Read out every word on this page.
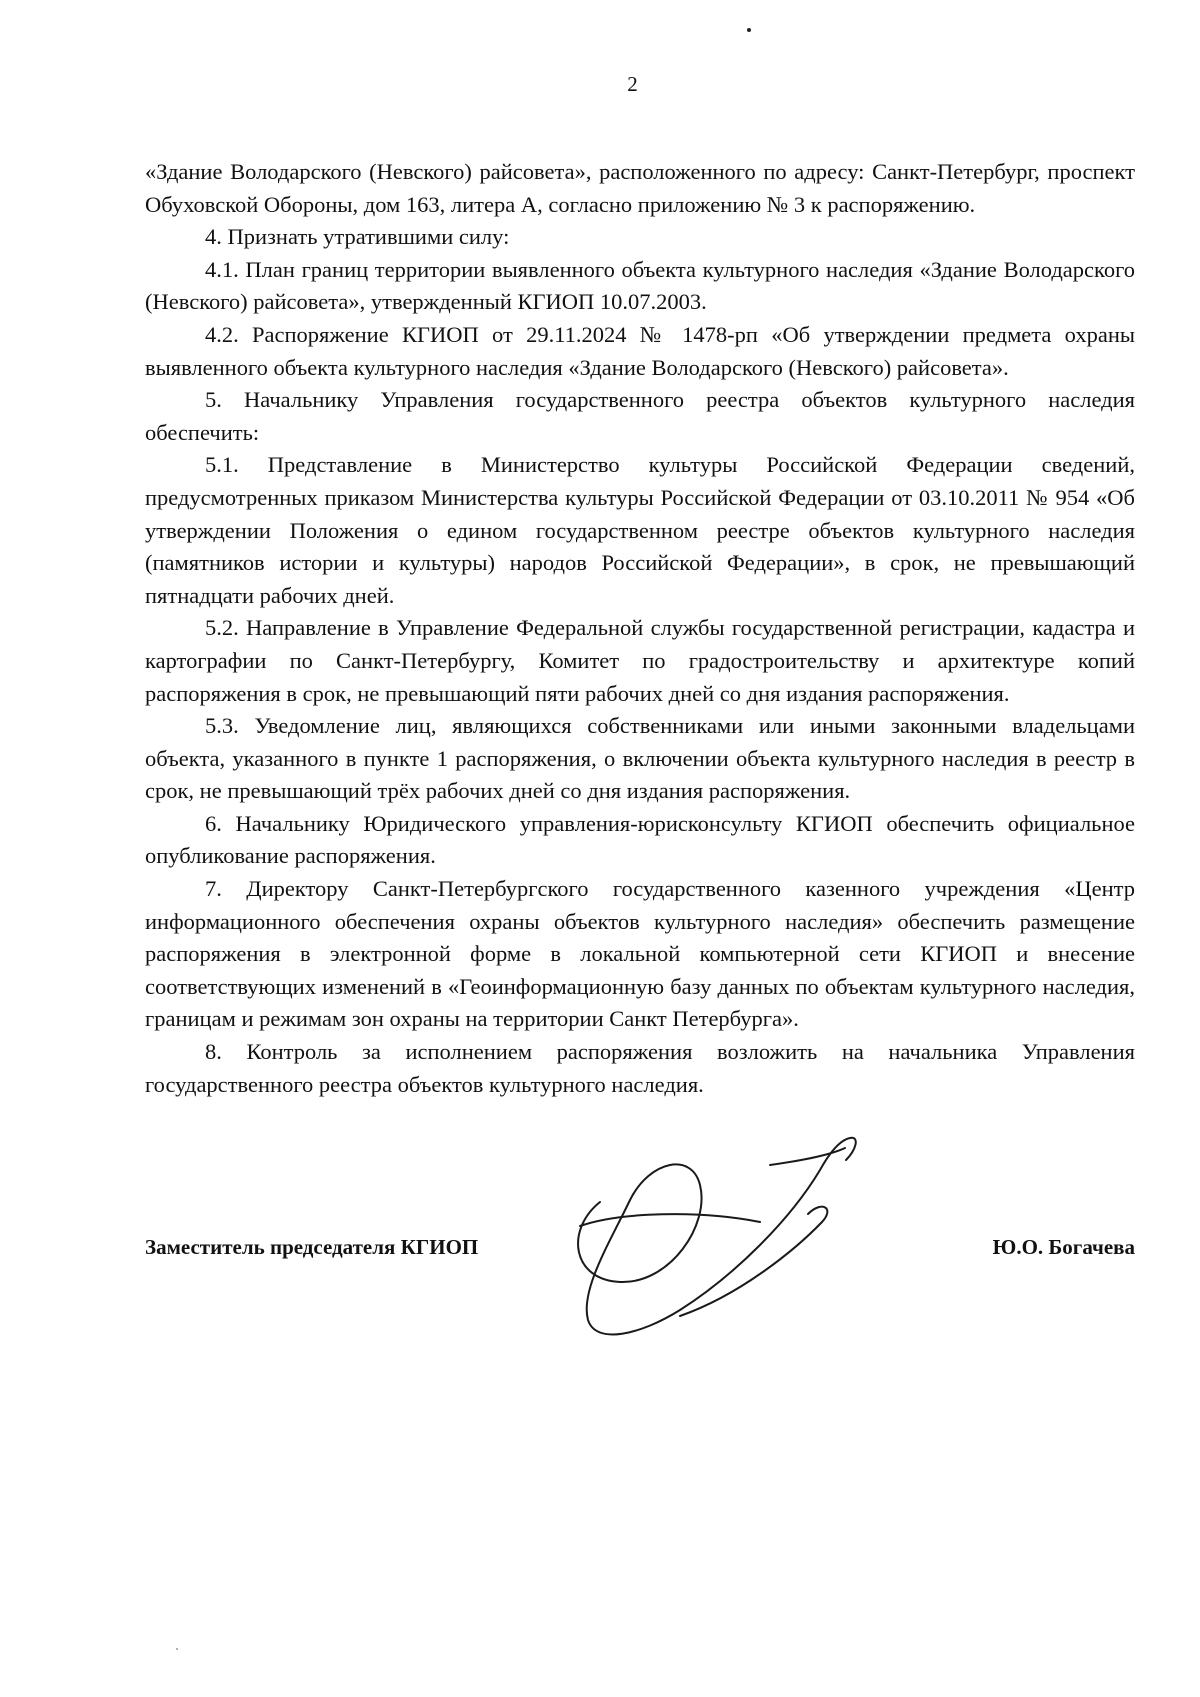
2

«Здание Володарского (Невского) райсовета», расположенного по адресу: Санкт-Петербург, проспект Обуховской Обороны, дом 163, литера А, согласно приложению № 3 к распоряжению.

4. Признать утратившими силу:

4.1. План границ территории выявленного объекта культурного наследия «Здание Володарского (Невского) райсовета», утвержденный КГИОП 10.07.2003.

4.2. Распоряжение КГИОП от 29.11.2024 № 1478-рп «Об утверждении предмета охраны выявленного объекта культурного наследия «Здание Володарского (Невского) райсовета».

5. Начальнику Управления государственного реестра объектов культурного наследия обеспечить:

5.1. Представление в Министерство культуры Российской Федерации сведений, предусмотренных приказом Министерства культуры Российской Федерации от 03.10.2011 № 954 «Об утверждении Положения о едином государственном реестре объектов культурного наследия (памятников истории и культуры) народов Российской Федерации», в срок, не превышающий пятнадцати рабочих дней.

5.2. Направление в Управление Федеральной службы государственной регистрации, кадастра и картографии по Санкт-Петербургу, Комитет по градостроительству и архитектуре копий распоряжения в срок, не превышающий пяти рабочих дней со дня издания распоряжения.

5.3. Уведомление лиц, являющихся собственниками или иными законными владельцами объекта, указанного в пункте 1 распоряжения, о включении объекта культурного наследия в реестр в срок, не превышающий трёх рабочих дней со дня издания распоряжения.

6. Начальнику Юридического управления-юрисконсульту КГИОП обеспечить официальное опубликование распоряжения.

7. Директору Санкт-Петербургского государственного казенного учреждения «Центр информационного обеспечения охраны объектов культурного наследия» обеспечить размещение распоряжения в электронной форме в локальной компьютерной сети КГИОП и внесение соответствующих изменений в «Геоинформационную базу данных по объектам культурного наследия, границам и режимам зон охраны на территории Санкт Петербурга».

8. Контроль за исполнением распоряжения возложить на начальника Управления государственного реестра объектов культурного наследия.

Заместитель председателя КГИОП	Ю.О. Богачева
